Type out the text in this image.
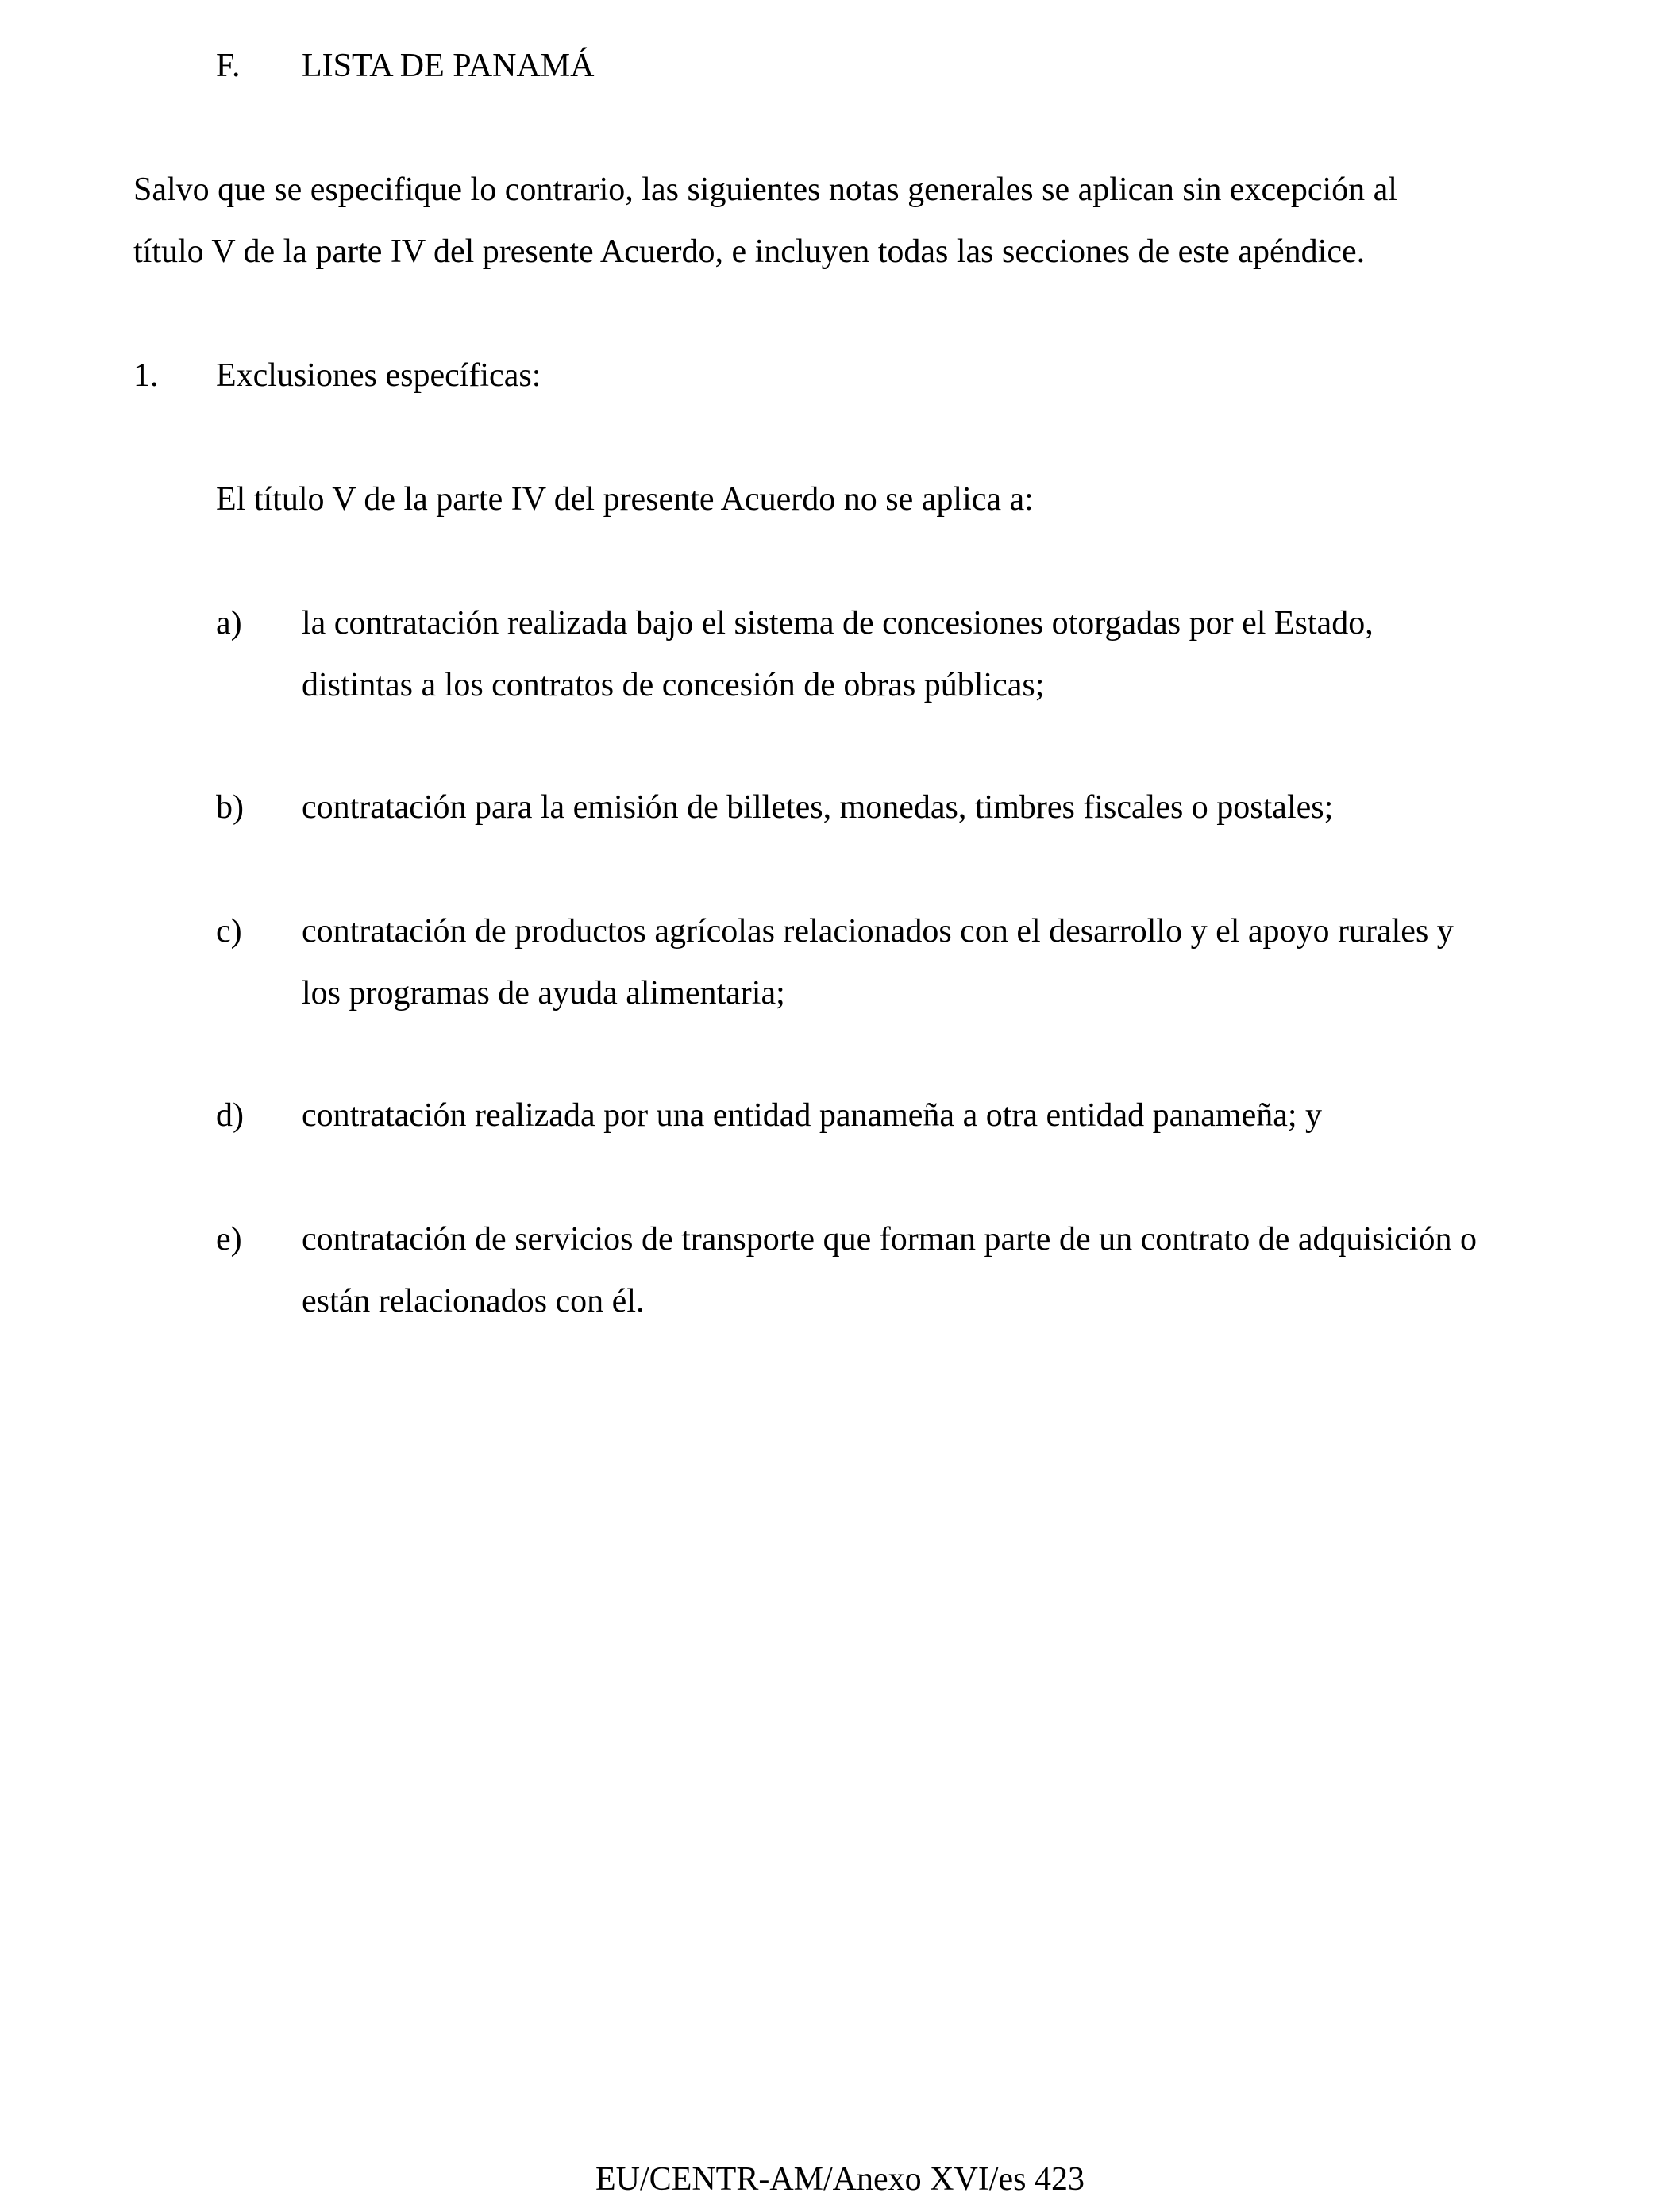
F. LISTA DE PANAMÁ
Salvo que se especifique lo contrario, las siguientes notas generales se aplican sin excepción al
título V de la parte IV del presente Acuerdo, e incluyen todas las secciones de este apéndice.
1. Exclusiones específicas:
El título V de la parte IV del presente Acuerdo no se aplica a:
a) la contratación realizada bajo el sistema de concesiones otorgadas por el Estado,
distintas a los contratos de concesión de obras públicas;
b) contratación para la emisión de billetes, monedas, timbres fiscales o postales;
c) contratación de productos agrícolas relacionados con el desarrollo y el apoyo rurales y
los programas de ayuda alimentaria;
d) contratación realizada por una entidad panameña a otra entidad panameña; y
e) contratación de servicios de transporte que forman parte de un contrato de adquisición o
están relacionados con él.
EU/CENTR-AM/Anexo XVI/es 423
